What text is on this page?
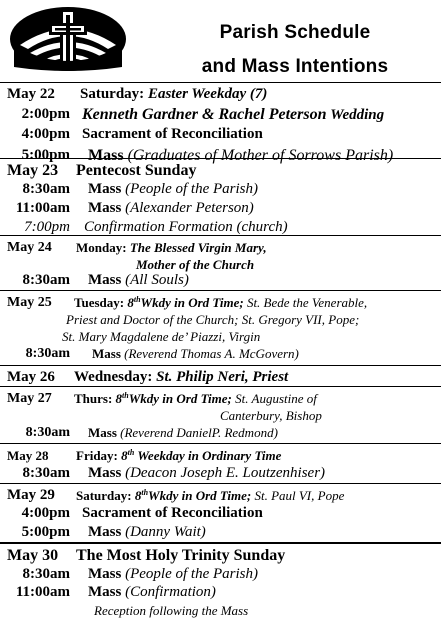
Parish Schedule
and Mass Intentions
May 22 Saturday: Easter Weekday (7)
2:00pm Kenneth Gardner & Rachel Peterson Wedding
4:00pm Sacrament of Reconciliation
5:00pm Mass (Graduates of Mother of Sorrows Parish)
May 23 Pentecost Sunday
8:30am Mass (People of the Parish)
11:00am Mass (Alexander Peterson)
7:00pm Confirmation Formation (church)
May 24 Monday: The Blessed Virgin Mary,
Mother of the Church
8:30am Mass (All Souls)
May 25 Tuesday: 8thWkdy in Ord Time; St. Bede the Venerable,
Priest and Doctor of the Church; St. Gregory VII, Pope;
St. Mary Magdalene de’ Piazzi, Virgin
8:30am Mass (Reverend Thomas A. McGovern)
May 26 Wednesday: St. Philip Neri, Priest
May 27 Thurs: 8thWkdy in Ord Time; St. Augustine of
Canterbury, Bishop
8:30am Mass (Reverend DanielP. Redmond)
May 28 Friday: 8th Weekday in Ordinary Time
8:30am Mass (Deacon Joseph E. Loutzenhiser)
May 29 Saturday: 8thWkdy in Ord Time; St. Paul VI, Pope
4:00pm Sacrament of Reconciliation
5:00pm Mass (Danny Wait)
May 30 The Most Holy Trinity Sunday
8:30am Mass (People of the Parish)
11:00am Mass (Confirmation)
Reception following the Mass
